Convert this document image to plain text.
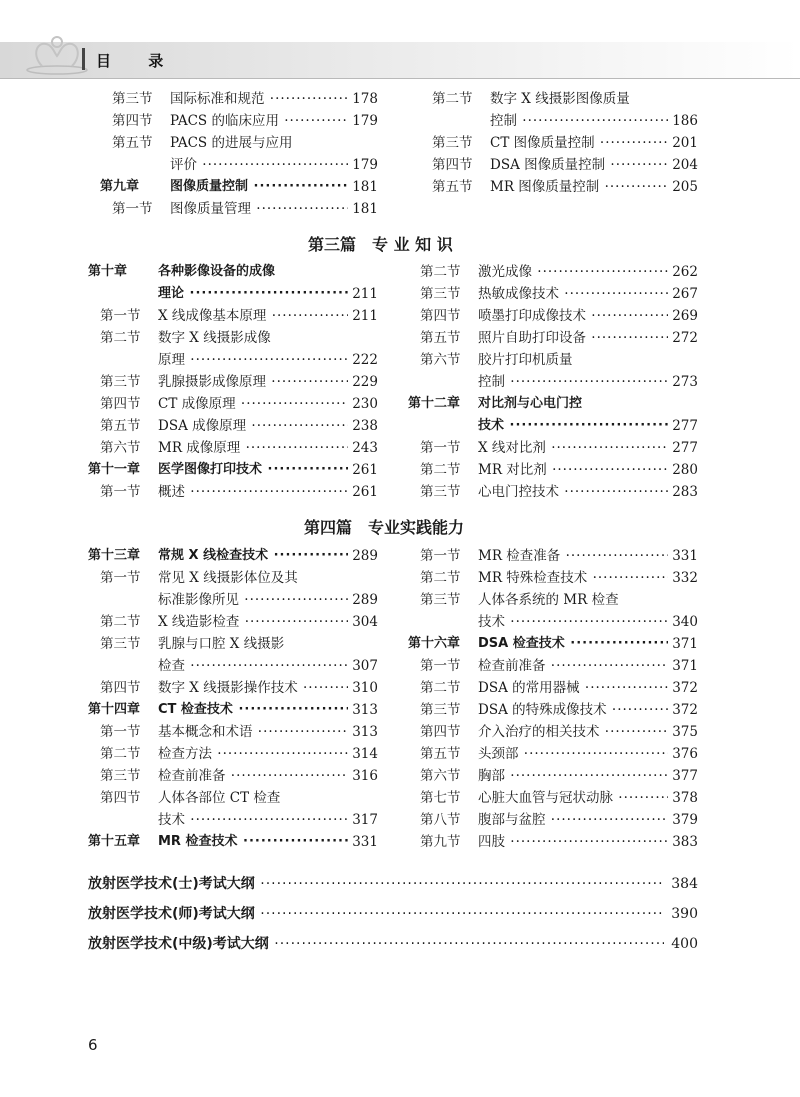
目 录
第三节 国际标准和规范 ·····	178
第四节 PACS 的临床应用 ·····	179
第五节 PACS 的进展与应用
评价 ·····	179
第九章 图像质量控制 ·····	181
第一节 图像质量管理 ·····	181
第二节 数字 X 线摄影图像质量
控制 ·····	186
第三节 CT 图像质量控制 ·····	201
第四节 DSA 图像质量控制 ·····	204
第五节 MR 图像质量控制 ·····	205
第三篇　专 业 知 识
第十章 各种影像设备的成像
理论 ·····	211
第一节 X 线成像基本原理 ·····	211
第二节 数字 X 线摄影成像
原理 ·····	222
第三节 乳腺摄影成像原理 ·····	229
第四节 CT 成像原理 ·····	230
第五节 DSA 成像原理 ·····	238
第六节 MR 成像原理 ·····	243
第十一章 医学图像打印技术 ·····	261
第一节 概述 ·····	261
第二节 激光成像 ·····	262
第三节 热敏成像技术 ·····	267
第四节 喷墨打印成像技术 ·····	269
第五节 照片自助打印设备 ·····	272
第六节 胶片打印机质量
控制 ·····	273
第十二章 对比剂与心电门控
技术 ·····	277
第一节 X 线对比剂 ·····	277
第二节 MR 对比剂 ·····	280
第三节 心电门控技术 ·····	283
第四篇　专业实践能力
第十三章 常规 X 线检查技术 ·····	289
第一节 常见 X 线摄影体位及其
标准影像所见 ·····	289
第二节 X 线造影检查 ·····	304
第三节 乳腺与口腔 X 线摄影
检查 ·····	307
第四节 数字 X 线摄影操作技术 ·····	310
第十四章 CT 检查技术 ·····	313
第一节 基本概念和术语 ·····	313
第二节 检查方法 ·····	314
第三节 检查前准备 ·····	316
第四节 人体各部位 CT 检查
技术 ·····	317
第十五章 MR 检查技术 ·····	331
第一节 MR 检查准备 ·····	331
第二节 MR 特殊检查技术 ·····	332
第三节 人体各系统的 MR 检查
技术 ·····	340
第十六章 DSA 检查技术 ·····	371
第一节 检查前准备 ·····	371
第二节 DSA 的常用器械 ·····	372
第三节 DSA 的特殊成像技术 ·····	372
第四节 介入治疗的相关技术 ·····	375
第五节 头颈部 ·····	376
第六节 胸部 ·····	377
第七节 心脏大血管与冠状动脉 ·····	378
第八节 腹部与盆腔 ·····	379
第九节 四肢 ·····	383
放射医学技术(士)考试大纲 ·····	384
放射医学技术(师)考试大纲 ·····	390
放射医学技术(中级)考试大纲 ·····	400
6
